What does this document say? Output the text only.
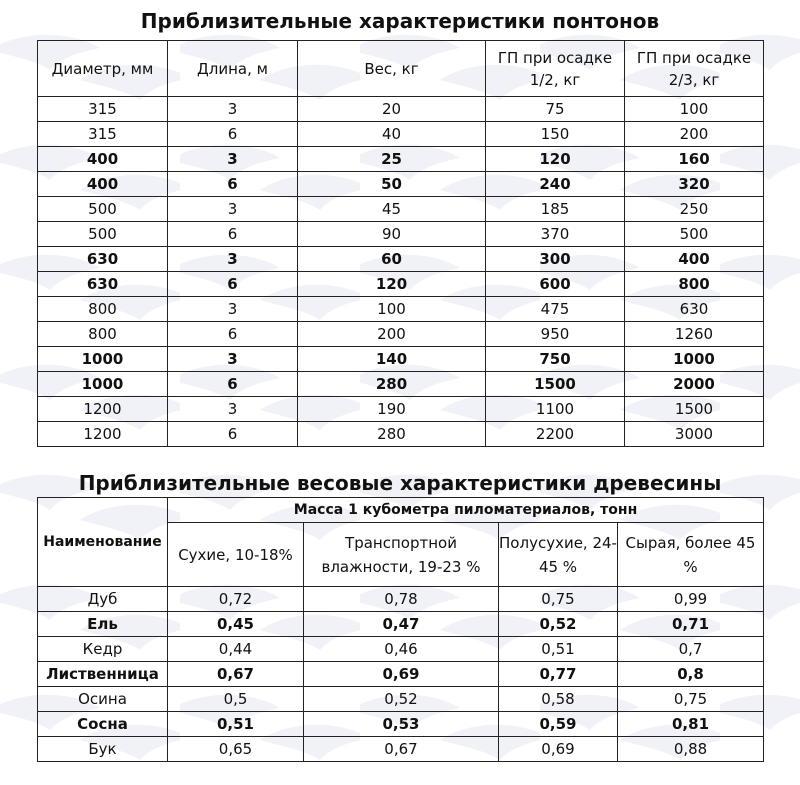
Приблизительные характеристики понтонов
Диаметр, мм	Длина, м	Вес, кг	ГП при осадке 1/2, кг	ГП при осадке 2/3, кг
315	3	20	75	100
315	6	40	150	200
400	3	25	120	160
400	6	50	240	320
500	3	45	185	250
500	6	90	370	500
630	3	60	300	400
630	6	120	600	800
800	3	100	475	630
800	6	200	950	1260
1000	3	140	750	1000
1000	6	280	1500	2000
1200	3	190	1100	1500
1200	6	280	2200	3000
Приблизительные весовые характеристики древесины
Наименование	Масса 1 кубометра пиломатериалов, тонн			
	Сухие, 10-18%	Транспортной влажности, 19-23 %	Полусухие, 24-45 %	Сырая, более 45 %
Дуб	0,72	0,78	0,75	0,99
Ель	0,45	0,47	0,52	0,71
Кедр	0,44	0,46	0,51	0,7
Лиственница	0,67	0,69	0,77	0,8
Осина	0,5	0,52	0,58	0,75
Сосна	0,51	0,53	0,59	0,81
Бук	0,65	0,67	0,69	0,88
